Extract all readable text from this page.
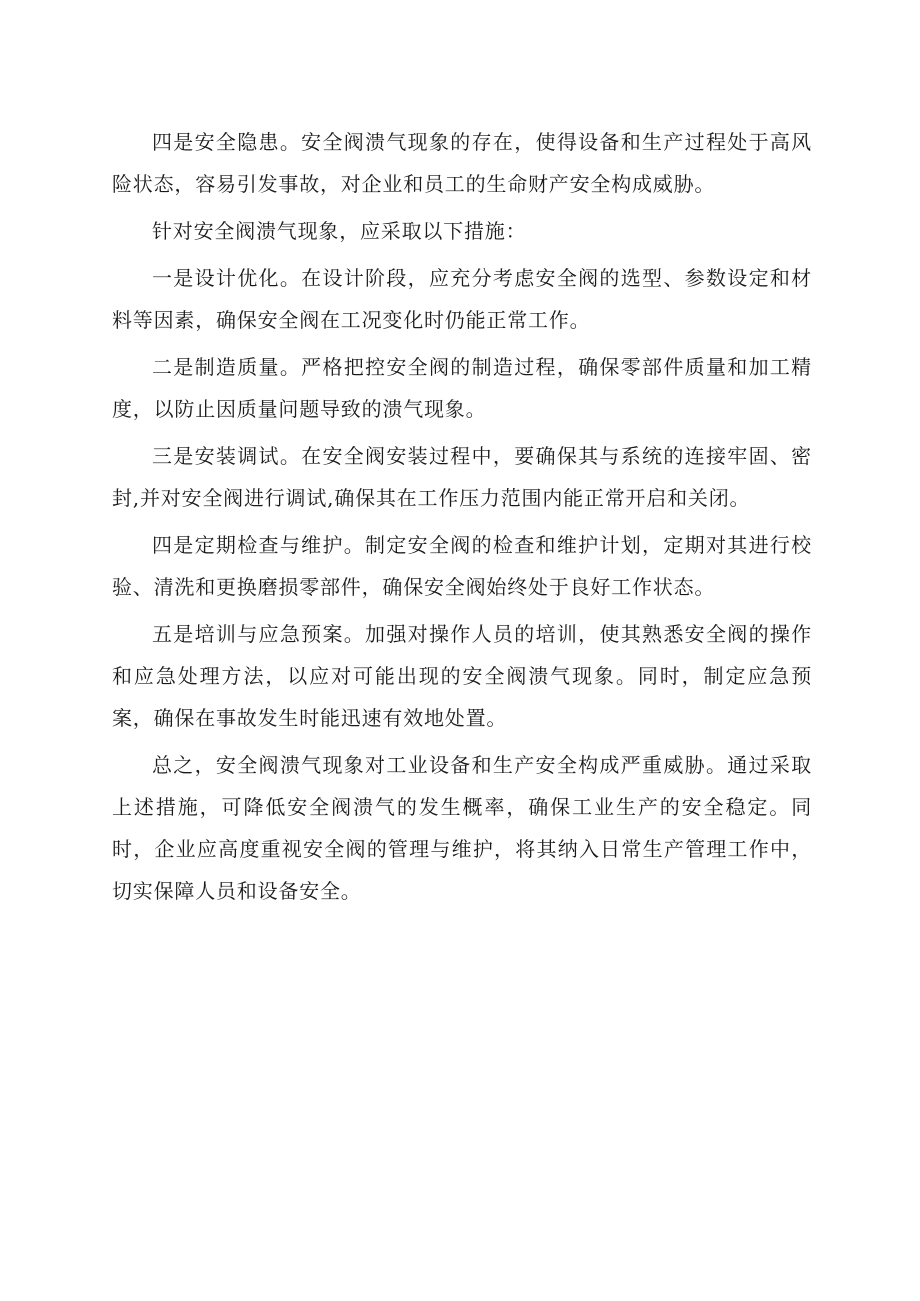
四是安全隐患。安全阀溃气现象的存在，使得设备和生产过程处于高风险状态，容易引发事故，对企业和员工的生命财产安全构成威胁。

针对安全阀溃气现象，应采取以下措施：

一是设计优化。在设计阶段，应充分考虑安全阀的选型、参数设定和材料等因素，确保安全阀在工况变化时仍能正常工作。

二是制造质量。严格把控安全阀的制造过程，确保零部件质量和加工精度，以防止因质量问题导致的溃气现象。

三是安装调试。在安全阀安装过程中，要确保其与系统的连接牢固、密封,并对安全阀进行调试,确保其在工作压力范围内能正常开启和关闭。

四是定期检查与维护。制定安全阀的检查和维护计划，定期对其进行校验、清洗和更换磨损零部件，确保安全阀始终处于良好工作状态。

五是培训与应急预案。加强对操作人员的培训，使其熟悉安全阀的操作和应急处理方法，以应对可能出现的安全阀溃气现象。同时，制定应急预案，确保在事故发生时能迅速有效地处置。

总之，安全阀溃气现象对工业设备和生产安全构成严重威胁。通过采取上述措施，可降低安全阀溃气的发生概率，确保工业生产的安全稳定。同时，企业应高度重视安全阀的管理与维护，将其纳入日常生产管理工作中，切实保障人员和设备安全。
